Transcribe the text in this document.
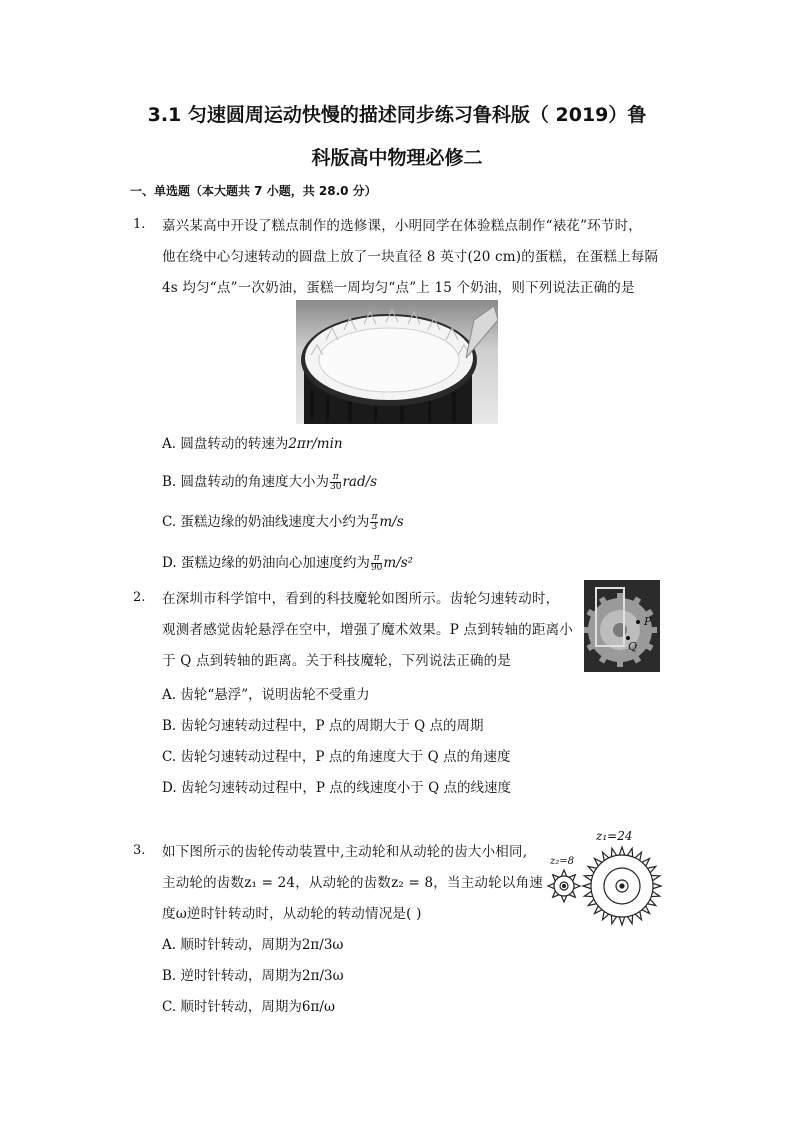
3.1 匀速圆周运动快慢的描述同步练习鲁科版（ 2019）鲁
科版高中物理必修二
一、单选题（本大题共 7 小题，共 28.0 分）
1. 嘉兴某高中开设了糕点制作的选修课，小明同学在体验糕点制作“裱花”环节时，
他在绕中心匀速转动的圆盘上放了一块直径 8 英寸(20 cm)的蛋糕，在蛋糕上每隔
4s 均匀“点”一次奶油，蛋糕一周均匀“点”上 15 个奶油，则下列说法正确的是
A. 圆盘转动的转速为2πr/min
B. 圆盘转动的角速度大小为 $\frac{\pi}{30} rad/s$
C. 蛋糕边缘的奶油线速度大小约为 $\frac{\pi}{3} m/s$
D. 蛋糕边缘的奶油向心加速度约为 $\frac{\pi}{90} m/s^2$
2. 在深圳市科学馆中，看到的科技魔轮如图所示。齿轮匀速转动时，
观测者感觉齿轮悬浮在空中，增强了魔术效果。P 点到转轴的距离小
于 Q 点到转轴的距离。关于科技魔轮，下列说法正确的是
P
Q
A. 齿轮“悬浮”，说明齿轮不受重力
B. 齿轮匀速转动过程中，P 点的周期大于 Q 点的周期
C. 齿轮匀速转动过程中，P 点的角速度大于 Q 点的角速度
D. 齿轮匀速转动过程中，P 点的线速度小于 Q 点的线速度
3. 如下图所示的齿轮传动装置中,主动轮和从动轮的齿大小相同,
主动轮的齿数z₁ = 24，从动轮的齿数z₂ = 8，当主动轮以角速
度ω逆时针转动时，从动轮的转动情况是( )
z₁=24
z₂=8
A. 顺时针转动，周期为2π/3ω
B. 逆时针转动，周期为2π/3ω
C. 顺时针转动，周期为6π/ω
